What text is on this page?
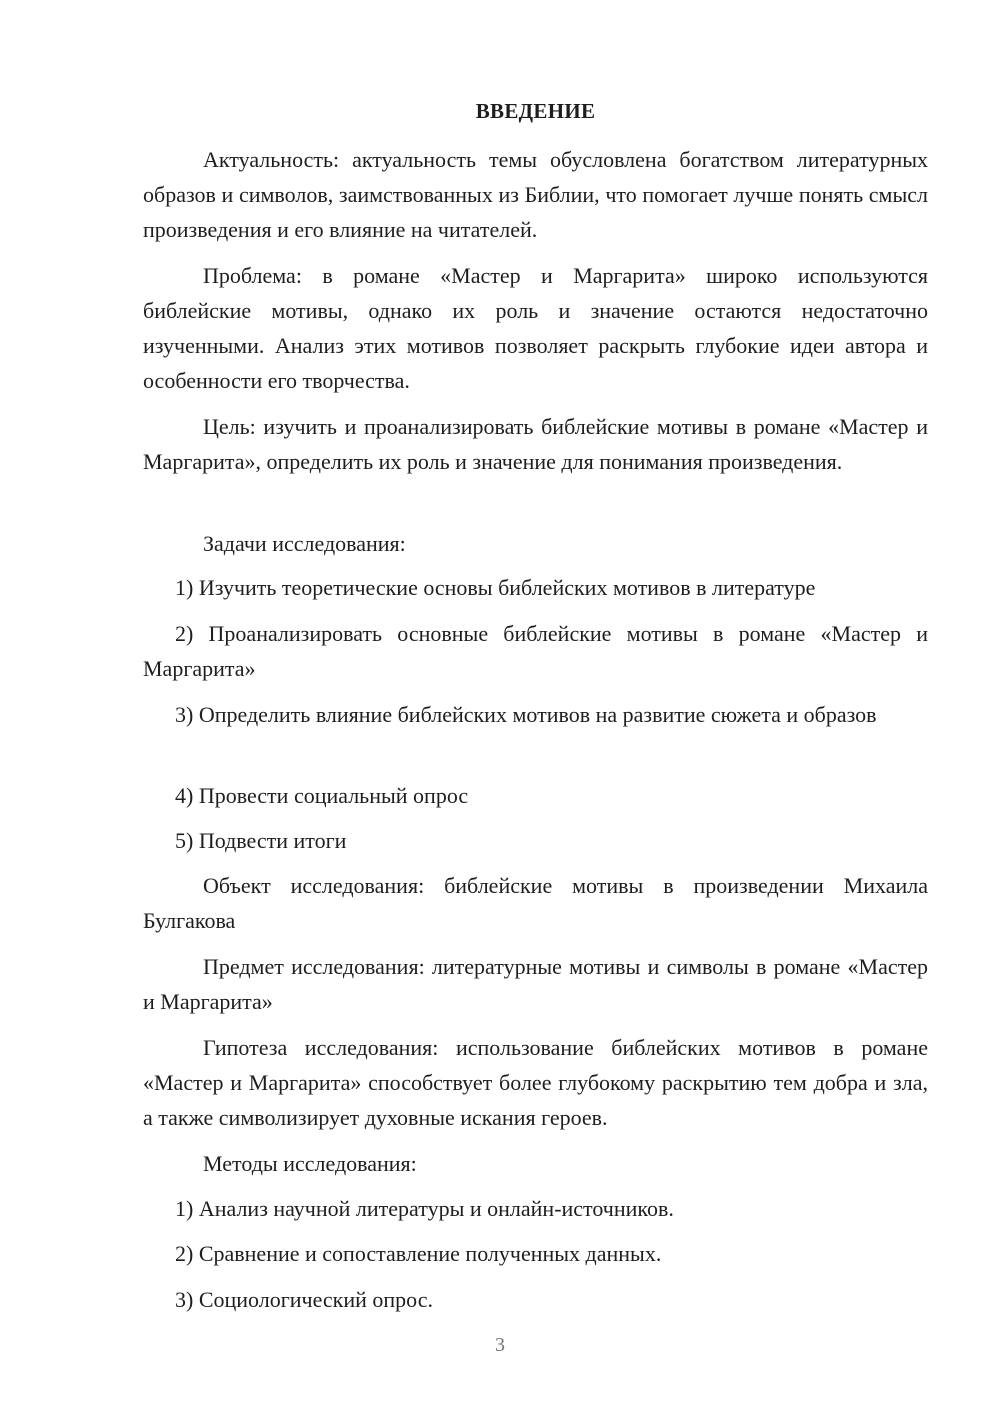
ВВЕДЕНИЕ
Актуальность: актуальность темы обусловлена богатством литературных образов и символов, заимствованных из Библии, что помогает лучше понять смысл произведения и его влияние на читателей.
Проблема: в романе «Мастер и Маргарита» широко используются библейские мотивы, однако их роль и значение остаются недостаточно изученными. Анализ этих мотивов позволяет раскрыть глубокие идеи автора и особенности его творчества.
Цель: изучить и проанализировать библейские мотивы в романе «Мастер и Маргарита», определить их роль и значение для понимания произведения.
Задачи исследования:
1) Изучить теоретические основы библейских мотивов в литературе
2) Проанализировать основные библейские мотивы в романе «Мастер и Маргарита»
3) Определить влияние библейских мотивов на развитие сюжета и образов
4) Провести социальный опрос
5) Подвести итоги
Объект исследования: библейские мотивы в произведении Михаила Булгакова
Предмет исследования: литературные мотивы и символы в романе «Мастер и Маргарита»
Гипотеза исследования: использование библейских мотивов в романе «Мастер и Маргарита» способствует более глубокому раскрытию тем добра и зла, а также символизирует духовные искания героев.
Методы исследования:
1) Анализ научной литературы и онлайн-источников.
2) Сравнение и сопоставление полученных данных.
3) Социологический опрос.
3
